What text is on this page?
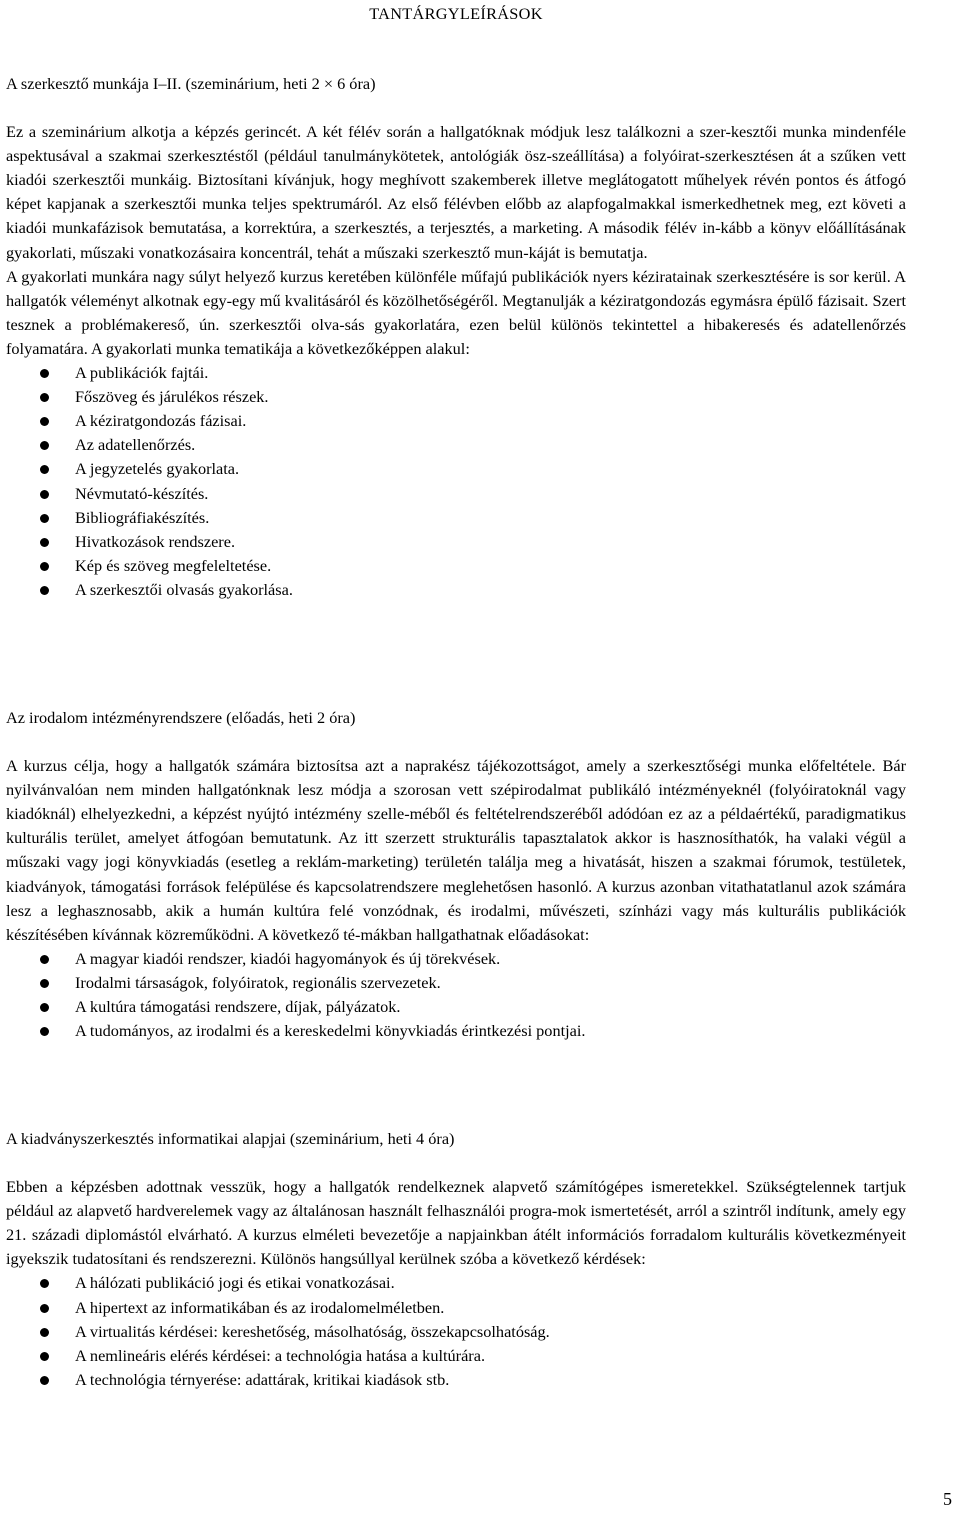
TANTÁRGYLEÍRÁSOK
A szerkesztő munkája I–II. (szeminárium, heti 2 × 6 óra)

Ez a szeminárium alkotja a képzés gerincét. A két félév során a hallgatóknak módjuk lesz találkozni a szer-kesztői munka mindenféle aspektusával a szakmai szerkesztéstől (például tanulmánykötetek, antológiák ösz-szeállítása) a folyóirat-szerkesztésen át a szűken vett kiadói szerkesztői munkáig. Biztosítani kívánjuk, hogy meghívott szakemberek illetve meglátogatott műhelyek révén pontos és átfogó képet kapjanak a szerkesztői munka teljes spektrumáról. Az első félévben előbb az alapfogalmakkal ismerkedhetnek meg, ezt követi a kiadói munkafázisok bemutatása, a korrektúra, a szerkesztés, a terjesztés, a marketing. A második félév in-kább a könyv előállításának gyakorlati, műszaki vonatkozásaira koncentrál, tehát a műszaki szerkesztő mun-káját is bemutatja.

A gyakorlati munkára nagy súlyt helyező kurzus keretében különféle műfajú publikációk nyers kéziratainak szerkesztésére is sor kerül. A hallgatók véleményt alkotnak egy-egy mű kvalitásáról és közölhetőségéről. Megtanulják a kéziratgondozás egymásra épülő fázisait. Szert tesznek a problémakereső, ún. szerkesztői olva-sás gyakorlatára, ezen belül különös tekintettel a hibakeresés és adatellenőrzés folyamatára. A gyakorlati munka tematikája a következőképpen alakul:

A publikációk fajtái.
Főszöveg és járulékos részek.
A kéziratgondozás fázisai.
Az adatellenőrzés.
A jegyzetelés gyakorlata.
Névmutató-készítés.
Bibliográfiakészítés.
Hivatkozások rendszere.
Kép és szöveg megfeleltetése.
A szerkesztői olvasás gyakorlása.
Az irodalom intézményrendszere (előadás, heti 2 óra)

A kurzus célja, hogy a hallgatók számára biztosítsa azt a naprakész tájékozottságot, amely a szerkesztőségi munka előfeltétele. Bár nyilvánvalóan nem minden hallgatónknak lesz módja a szorosan vett szépirodalmat publikáló intézményeknél (folyóiratoknál vagy kiadóknál) elhelyezkedni, a képzést nyújtó intézmény szelle-méből és feltételrendszeréből adódóan ez az a példaértékű, paradigmatikus kulturális terület, amelyet átfogóan bemutatunk. Az itt szerzett strukturális tapasztalatok akkor is hasznosíthatók, ha valaki végül a műszaki vagy jogi könyvkiadás (esetleg a reklám-marketing) területén találja meg a hivatását, hiszen a szakmai fórumok, testületek, kiadványok, támogatási források felépülése és kapcsolatrendszere meglehetősen hasonló. A kurzus azonban vitathatatlanul azok számára lesz a leghasznosabb, akik a humán kultúra felé vonzódnak, és irodalmi, művészeti, színházi vagy más kulturális publikációk készítésében kívánnak közreműködni. A következő té-mákban hallgathatnak előadásokat:

A magyar kiadói rendszer, kiadói hagyományok és új törekvések.
Irodalmi társaságok, folyóiratok, regionális szervezetek.
A kultúra támogatási rendszere, díjak, pályázatok.
A tudományos, az irodalmi és a kereskedelmi könyvkiadás érintkezési pontjai.
A kiadványszerkesztés informatikai alapjai (szeminárium, heti 4 óra)

Ebben a képzésben adottnak vesszük, hogy a hallgatók rendelkeznek alapvető számítógépes ismeretekkel. Szükségtelennek tartjuk például az alapvető hardverelemek vagy az általánosan használt felhasználói progra-mok ismertetését, arról a szintről indítunk, amely egy 21. századi diplomástól elvárható. A kurzus elméleti bevezetője a napjainkban átélt információs forradalom kulturális következményeit igyekszik tudatosítani és rendszerezni. Különös hangsúllyal kerülnek szóba a következő kérdések:

A hálózati publikáció jogi és etikai vonatkozásai.
A hipertext az informatikában és az irodalomelméletben.
A virtualitás kérdései: kereshetőség, másolhatóság, összekapcsolhatóság.
A nemlineáris elérés kérdései: a technológia hatása a kultúrára.
A technológia térnyerése: adattárak, kritikai kiadások stb.
5
